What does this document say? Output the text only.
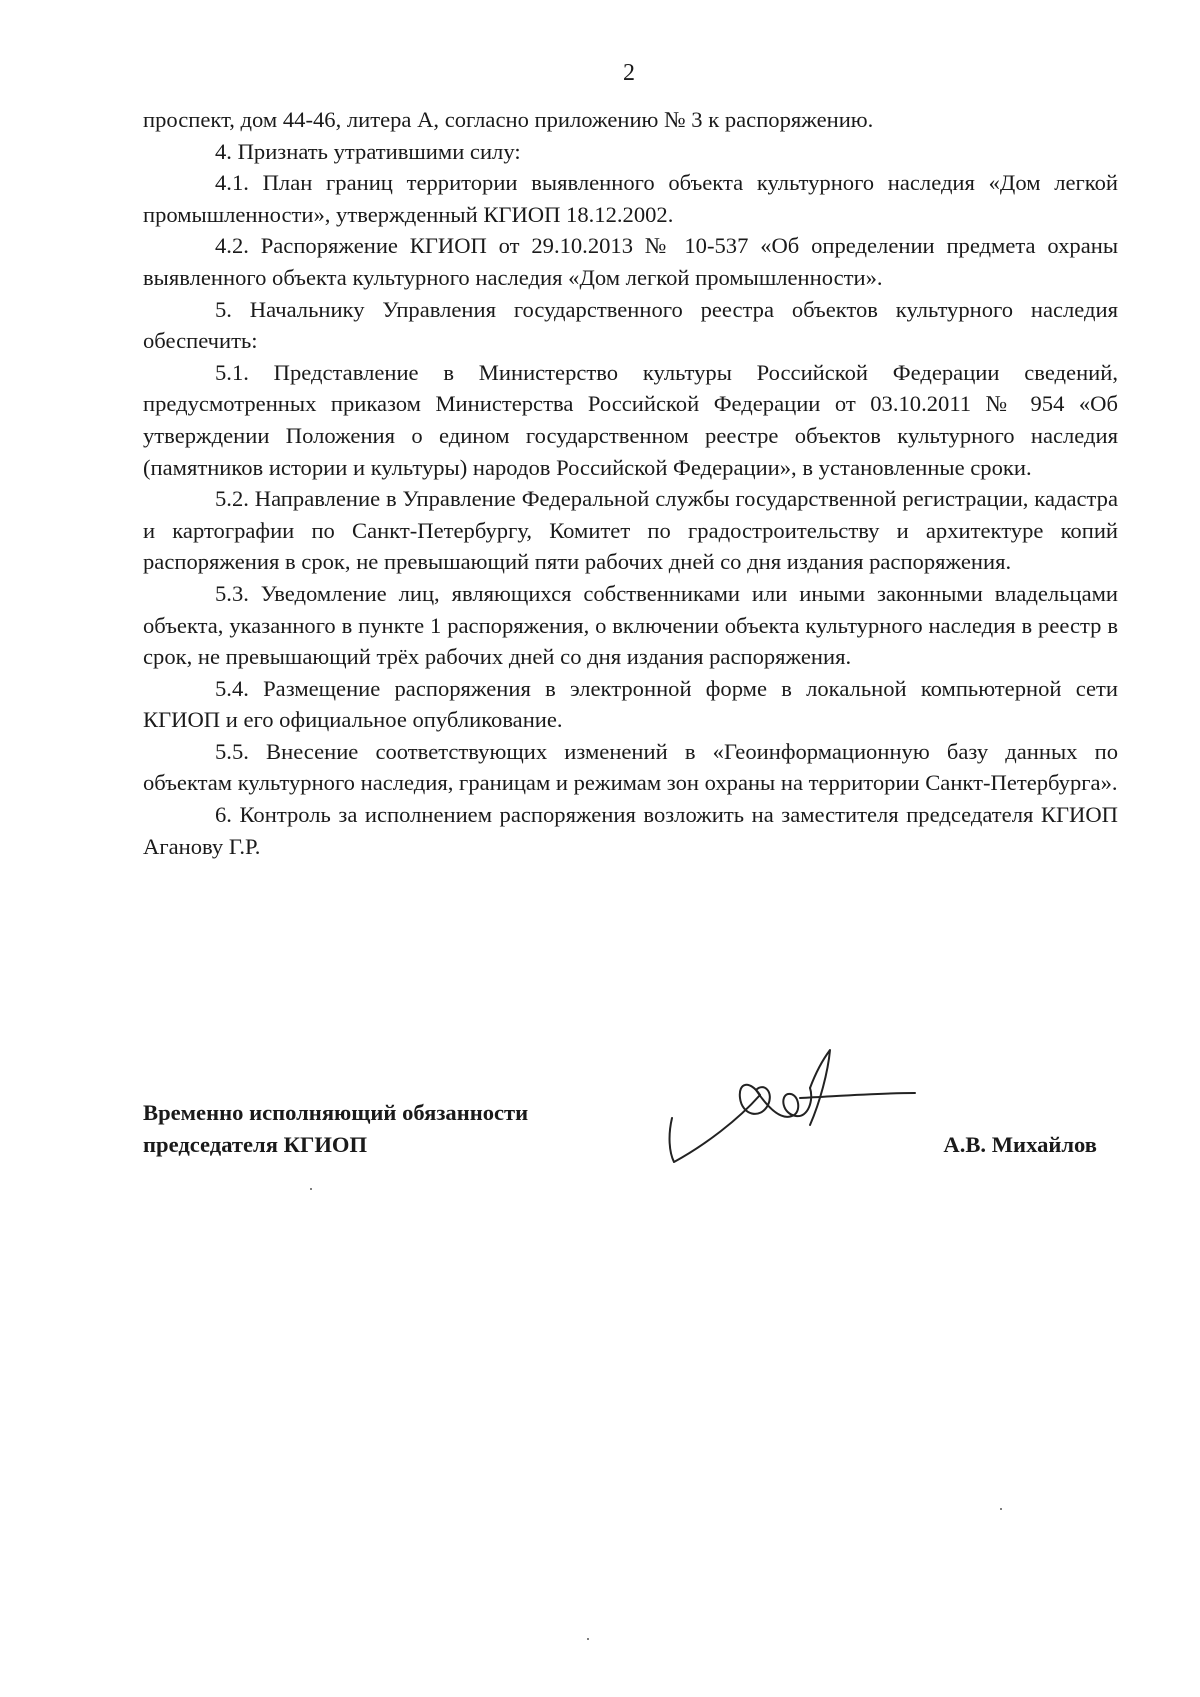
2

проспект, дом 44-46, литера А, согласно приложению № 3 к распоряжению.

4. Признать утратившими силу:

4.1. План границ территории выявленного объекта культурного наследия «Дом легкой промышленности», утвержденный КГИОП 18.12.2002.

4.2. Распоряжение КГИОП от 29.10.2013 № 10-537 «Об определении предмета охраны выявленного объекта культурного наследия «Дом легкой промышленности».

5. Начальнику Управления государственного реестра объектов культурного наследия обеспечить:

5.1. Представление в Министерство культуры Российской Федерации сведений, предусмотренных приказом Министерства Российской Федерации от 03.10.2011 № 954 «Об утверждении Положения о едином государственном реестре объектов культурного наследия (памятников истории и культуры) народов Российской Федерации», в установленные сроки.

5.2. Направление в Управление Федеральной службы государственной регистрации, кадастра и картографии по Санкт-Петербургу, Комитет по градостроительству и архитектуре копий распоряжения в срок, не превышающий пяти рабочих дней со дня издания распоряжения.

5.3. Уведомление лиц, являющихся собственниками или иными законными владельцами объекта, указанного в пункте 1 распоряжения, о включении объекта культурного наследия в реестр в срок, не превышающий трёх рабочих дней со дня издания распоряжения.

5.4. Размещение распоряжения в электронной форме в локальной компьютерной сети КГИОП и его официальное опубликование.

5.5. Внесение соответствующих изменений в «Геоинформационную базу данных по объектам культурного наследия, границам и режимам зон охраны на территории Санкт-Петербурга».

6. Контроль за исполнением распоряжения возложить на заместителя председателя КГИОП Аганову Г.Р.

Временно исполняющий обязанности
председателя КГИОП	А.В. Михайлов
